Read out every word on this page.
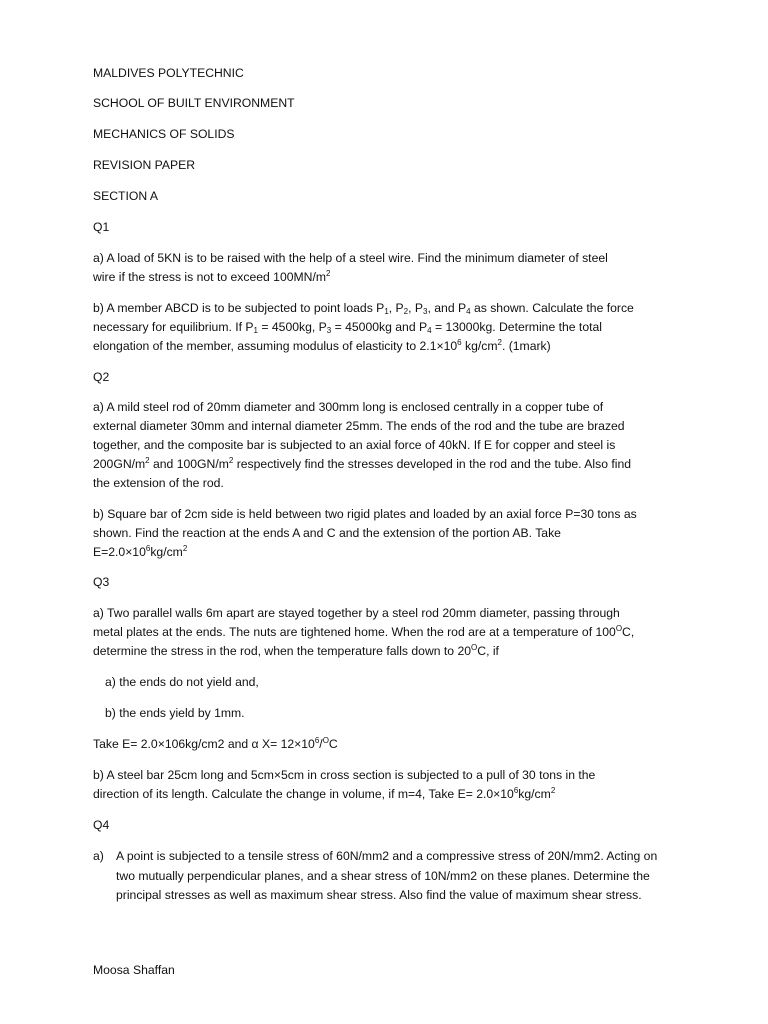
MALDIVES POLYTECHNIC
SCHOOL OF BUILT ENVIRONMENT
MECHANICS OF SOLIDS
REVISION PAPER
SECTION A
Q1
a) A load of 5KN is to be raised with the help of a steel wire. Find the minimum diameter of steel
wire if the stress is not to exceed $100MN/m^2$
b) A member ABCD is to be subjected to point loads $P_1$, $P_2$, $P_3$, and $P_4$ as shown. Calculate the force
necessary for equilibrium. If $P_1 = 4500kg$, $P_3 = 45000kg$ and $P_4 = 13000kg$. Determine the total
elongation of the member, assuming modulus of elasticity to $2.1\times 10^6$ $kg/cm^2$. (1mark)
Q2
a) A mild steel rod of 20mm diameter and 300mm long is enclosed centrally in a copper tube of
external diameter 30mm and internal diameter 25mm. The ends of the rod and the tube are brazed
together, and the composite bar is subjected to an axial force of 40kN. If E for copper and steel is
$200GN/m^2$ and $100GN/m^2$ respectively find the stresses developed in the rod and the tube. Also find
the extension of the rod.
b) Square bar of 2cm side is held between two rigid plates and loaded by an axial force P=30 tons as
shown. Find the reaction at the ends A and C and the extension of the portion AB. Take
$E=2.0\times 10^6kg/cm^2$
Q3
a) Two parallel walls 6m apart are stayed together by a steel rod 20mm diameter, passing through
metal plates at the ends. The nuts are tightened home. When the rod are at a temperature of $100^OC$,
determine the stress in the rod, when the temperature falls down to $20^OC$, if
a) the ends do not yield and,
b) the ends yield by 1mm.
Take E= 2.0×106kg/cm2 and α $X= 12\times 10^6/^OC$
b) A steel bar 25cm long and 5cm×5cm in cross section is subjected to a pull of 30 tons in the
direction of its length. Calculate the change in volume, if m=4, Take $E= 2.0\times 10^6kg/cm^2$
Q4
a) A point is subjected to a tensile stress of 60N/mm2 and a compressive stress of 20N/mm2. Acting on two mutually perpendicular planes, and a shear stress of 10N/mm2 on these planes. Determine the principal stresses as well as maximum shear stress. Also find the value of maximum shear stress.
Moosa Shaffan
